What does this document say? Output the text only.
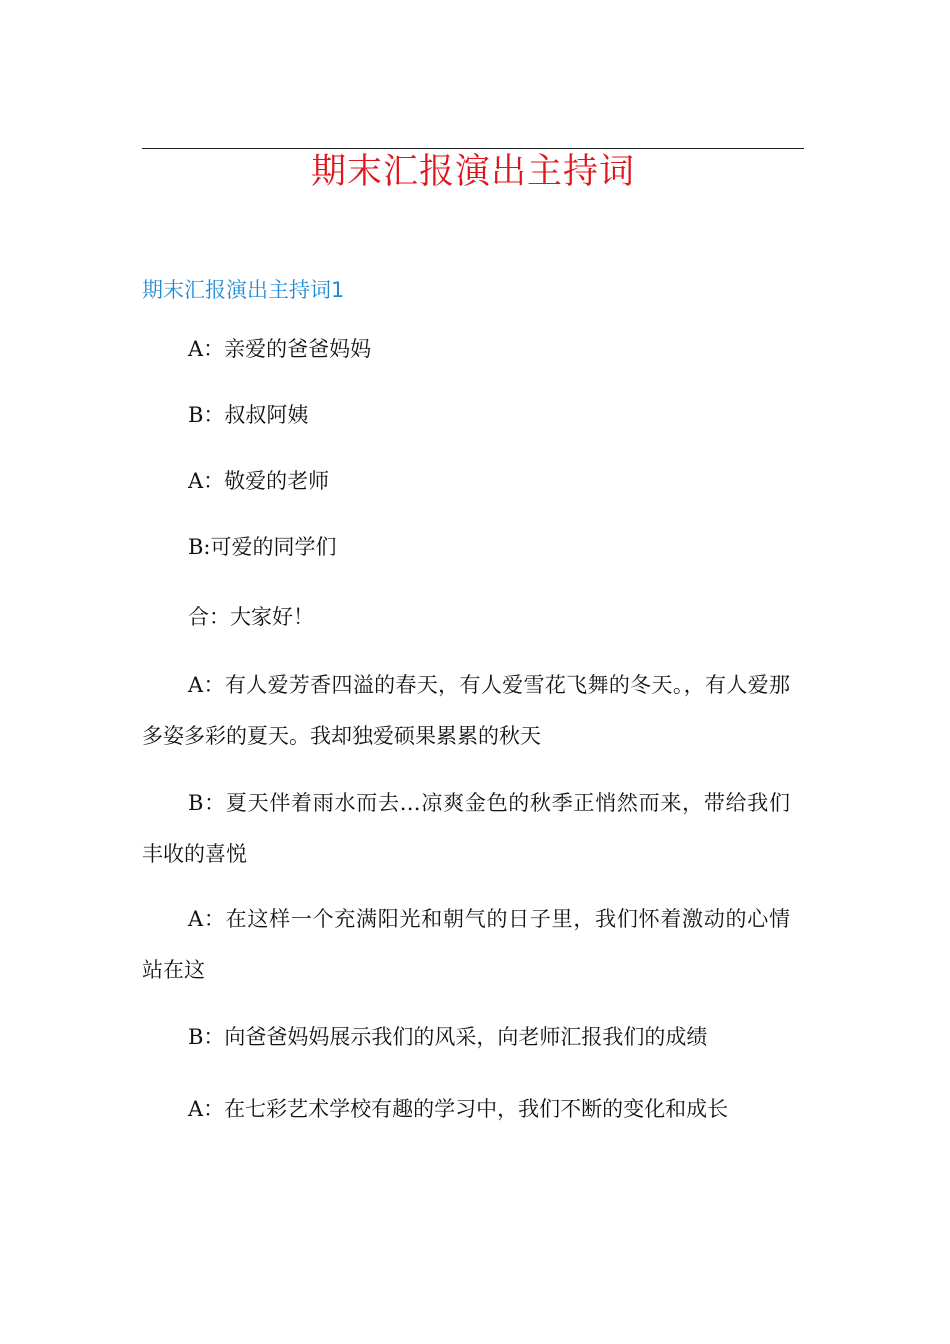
期末汇报演出主持词
期末汇报演出主持词1

A：亲爱的爸爸妈妈

B：叔叔阿姨

A：敬爱的老师

B:可爱的同学们

合：大家好！

A：有人爱芳香四溢的春天，有人爱雪花飞舞的冬天。，有人爱那多姿多彩的夏天。我却独爱硕果累累的秋天

B：夏天伴着雨水而去…凉爽金色的秋季正悄然而来，带给我们丰收的喜悦

A：在这样一个充满阳光和朝气的日子里，我们怀着激动的心情站在这

B：向爸爸妈妈展示我们的风采，向老师汇报我们的成绩

A：在七彩艺术学校有趣的学习中，我们不断的变化和成长
